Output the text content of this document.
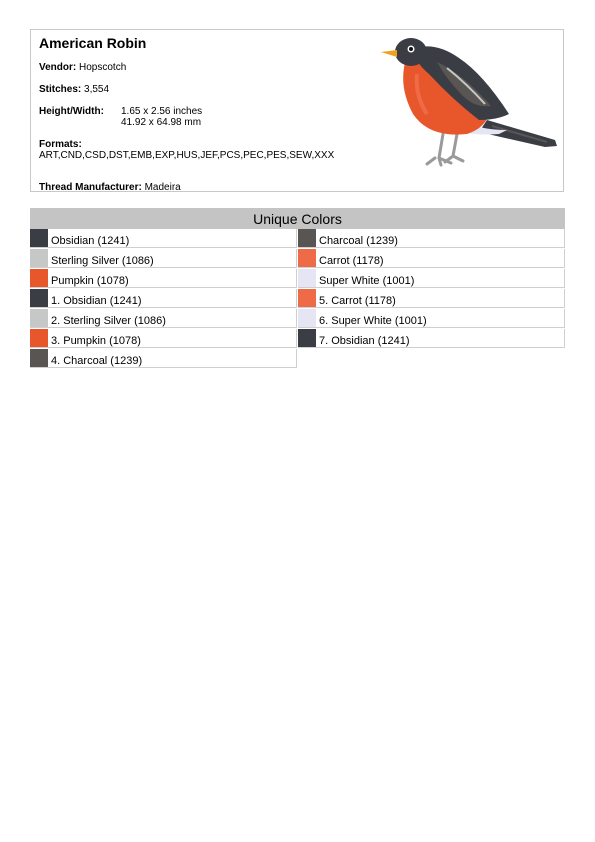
American Robin
Vendor: Hopscotch
Stitches: 3,554
Height/Width: 1.65 x 2.56 inches
41.92 x 64.98 mm
Formats:
ART,CND,CSD,DST,EMB,EXP,HUS,JEF,PCS,PEC,PES,SEW,XXX
Thread Manufacturer: Madeira
Unique Colors
Obsidian (1241)
Sterling Silver (1086)
Pumpkin (1078)
1. Obsidian (1241)
2. Sterling Silver (1086)
3. Pumpkin (1078)
4. Charcoal (1239)
Charcoal (1239)
Carrot (1178)
Super White (1001)
5. Carrot (1178)
6. Super White (1001)
7. Obsidian (1241)
